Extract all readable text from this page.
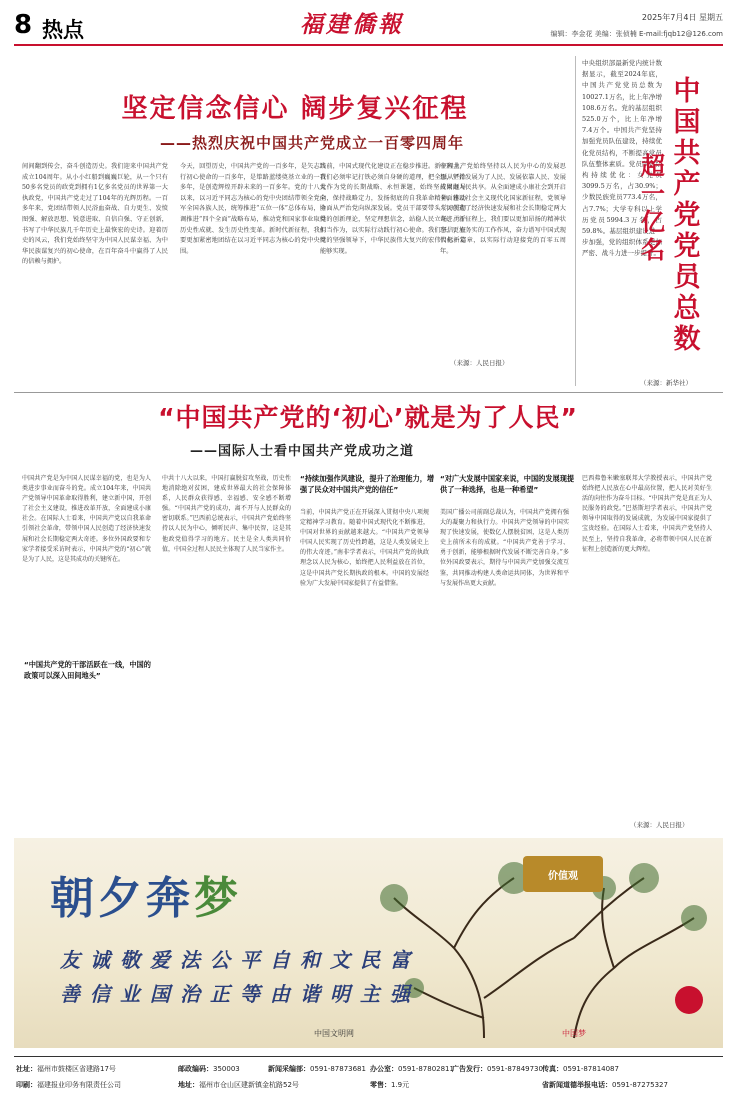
8 热点	福建僑報	2025年7月4日 星期五
编辑：李金花 美编：张侦楠 E-mail:fjqb12@126.com
坚定信念信心 阔步复兴征程
——热烈庆祝中国共产党成立一百零四周年
间间翻到传会，奋斗创造历史。我们迎来中国共产党成立104周年。从小小红船到巍巍巨轮，从一个只有50多名党员的政党到拥有1亿多名党员的世界第一大执政党，中国共产党走过了104年的光辉历程。一百多年来，党团结带领人民浴血奋战、自力更生、发愤图强、解放思想、锐意进取、自信自强、守正创新，书写了中华民族几千年历史上最恢宏的史诗。迎着历史的风云，我们党始终坚守为中国人民谋幸福、为中华民族谋复兴的初心使命，在百年奋斗中赢得了人民的信赖与拥护。
今天，回望历史，中国共产党的一百多年，是矢志践行初心使命的一百多年，是筚路蓝缕奠基立业的一百多年，是创造辉煌开辟未来的一百多年。党的十八大以来，以习近平同志为核心的党中央团结带领全党全军全国各族人民，统筹推进“五位一体”总体布局，协调推进“四个全面”战略布局，推动党和国家事业取得历史性成就、发生历史性变革。新时代新征程，我们要更加紧密地团结在以习近平同志为核心的党中央周围。
当前，中国式现代化建设正在稳步推进。新征程上，我们必须牢记打铁必须自身硬的道理，把全面从严治党作为党的长期战略、永恒课题，始终坚持问题导向，保持战略定力，发扬彻底的自我革命精神，推动全面从严治党向纵深发展。党员干部要带头学习贯彻党的创新理论，坚定理想信念，站稳人民立场，勇于担当作为，以实际行动践行初心使命。我们坚信，在党的坚强领导下，中华民族伟大复兴的宏伟目标一定能够实现。
中国共产党始终坚持以人民为中心的发展思想，坚持发展为了人民、发展依靠人民、发展成果由人民共享。从全面建成小康社会到开启全面建设社会主义现代化国家新征程，党领导人民创造了经济快速发展和社会长期稳定两大奇迹。新征程上，我们要以更加昂扬的精神状态、更加务实的工作作风，奋力谱写中国式现代化新篇章，以实际行动迎接党的百零五周年。
（来源：人民日报）
中央组织部最新党内统计数据显示，截至2024年底，中国共产党党员总数为10027.1万名，比上年净增108.6万名。党的基层组织525.0万个，比上年净增7.4万个。中国共产党坚持加强党员队伍建设，持续优化党员结构，不断提高党员队伍整体素质。党员队伍结构持续优化：女党员3099.5万名，占30.9%；少数民族党员773.4万名，占7.7%；大学专科以上学历党员5994.3万名，占59.8%。基层组织建设进一步加强，党的组织体系更加严密、战斗力进一步提升。
中国共产党党员总数
超一亿名
（来源：新华社）
“中国共产党的‘初心’就是为了人民”
——国际人士看中国共产党成功之道
中国共产党是为中国人民谋幸福的党，也是为人类进步事业而奋斗的党。成立104年来，中国共产党领导中国革命取得胜利，建立新中国，开创了社会主义建设，推进改革开放，全面建成小康社会。在国际人士看来，中国共产党以自我革命引领社会革命，带领中国人民创造了经济快速发展和社会长期稳定两大奇迹。多位外国政要和专家学者接受采访时表示，中国共产党的“初心”就是为了人民，这是其成功的关键所在。
“中国共产党的干部活跃在一线，中国的政策可以深入田间地头”
中共十八大以来，中国打赢脱贫攻坚战，历史性地消除绝对贫困，建成世界最大的社会保障体系，人民群众获得感、幸福感、安全感不断增强。“中国共产党的成功，离不开与人民群众的密切联系。”巴西前总统表示，中国共产党始终坚持以人民为中心，倾听民声、集中民智，这是其他政党值得学习的地方。民主是全人类共同价值，中国全过程人民民主体现了人民当家作主。
“持续加强作风建设，提升了治理能力，增强了民众对中国共产党的信任”
当前，中国共产党正在开展深入贯彻中央八项规定精神学习教育。随着中国式现代化不断推进，中国对世界的贡献越来越大。“中国共产党领导中国人民实现了历史性跨越，这是人类发展史上的伟大奇迹。”南非学者表示，中国共产党的执政理念以人民为核心，始终把人民利益放在首位，这是中国共产党长期执政的根本。中国的发展经验为广大发展中国家提供了有益借鉴。
“对广大发展中国家来说，中国的发展现提供了一种选择，也是一种希望”
美国广播公司前副总裁认为，中国共产党拥有强大的凝聚力和执行力。中国共产党领导的中国实现了快速发展，使数亿人摆脱贫困，这是人类历史上前所未有的成就。“中国共产党善于学习、勇于创新，能够根据时代发展不断完善自身。”多位外国政要表示，期待与中国共产党加强交流互鉴，共同推动构建人类命运共同体，为世界和平与发展作出更大贡献。
巴西弗鲁米嫩塞联邦大学教授表示，中国共产党始终把人民放在心中最高位置，把人民对美好生活的向往作为奋斗目标。“中国共产党是真正为人民服务的政党。”巴基斯坦学者表示，中国共产党领导中国取得的发展成就，为发展中国家提供了宝贵经验。在国际人士看来，中国共产党坚持人民至上，坚持自我革命，必将带领中国人民在新征程上创造新的更大辉煌。
（来源：人民日报）
朝夕奔梦
友诚敬爱法公平自和文民富
善信业国治正等由谐明主强
价值观
中国文明网	中国梦
社址：福州市鼓楼区省建路17号
印刷：福建报业印务有限责任公司
邮政编码：350003
地址：福州市仓山区建新镇金杭路52号
新闻采编部：0591-87873681 办公室：0591-87802811
广告发行：0591-87849730 传真：0591-87814087
零售：1.9元	省新闻道德举报电话：0591-87275327
